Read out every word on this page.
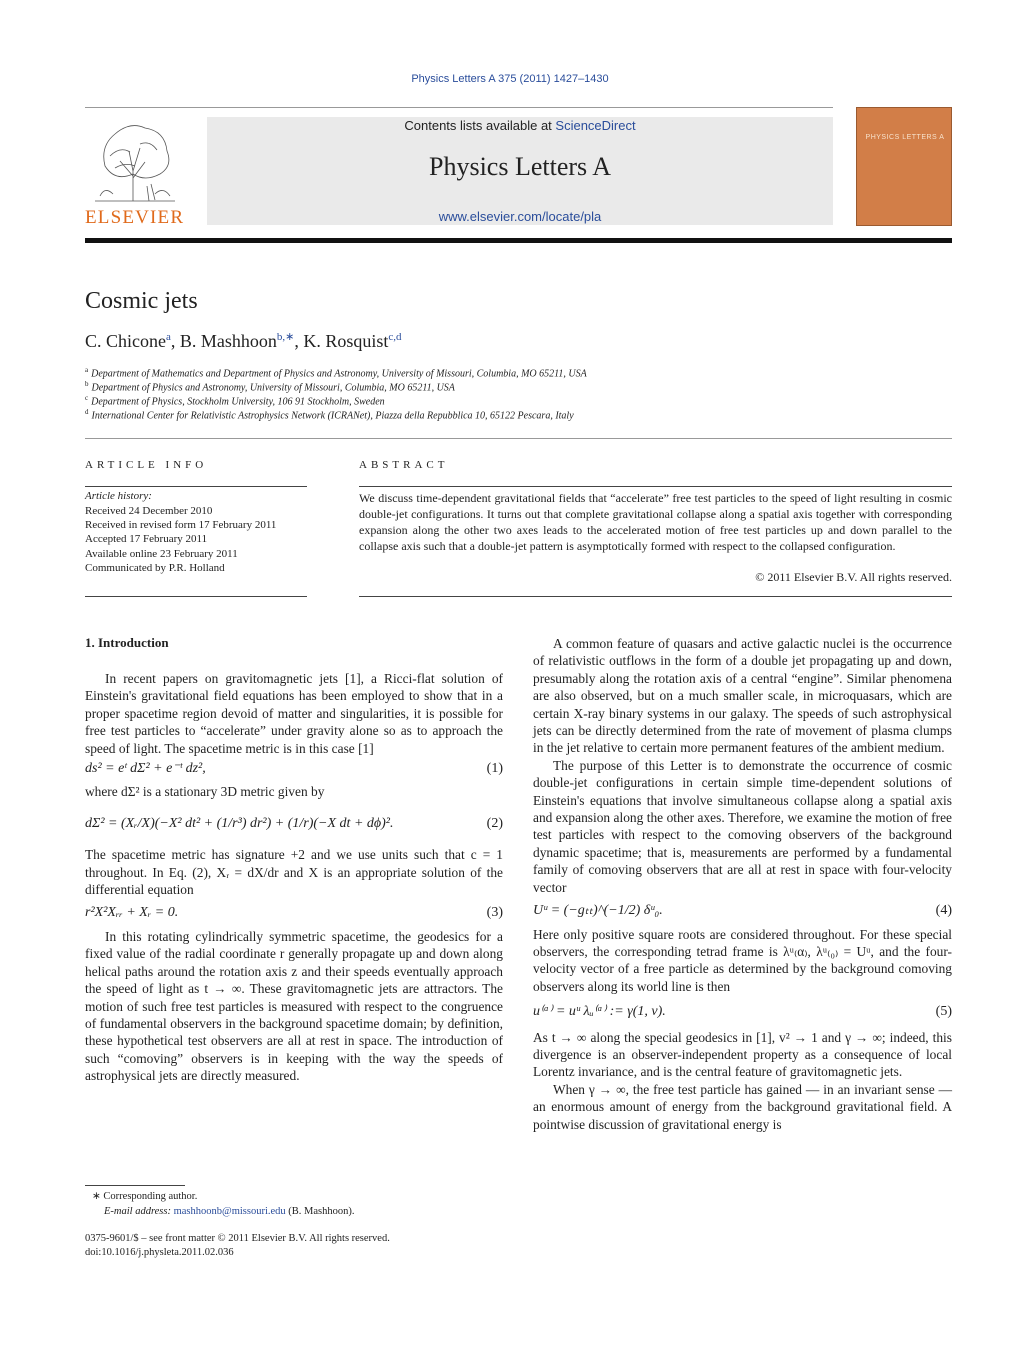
Physics Letters A 375 (2011) 1427–1430
Contents lists available at ScienceDirect
Physics Letters A
www.elsevier.com/locate/pla
ELSEVIER
PHYSICS LETTERS A
Cosmic jets
C. Chicone$^a$, B. Mashhoon$^{b,∗}$, K. Rosquist$^{c,d}$
$^a$ Department of Mathematics and Department of Physics and Astronomy, University of Missouri, Columbia, MO 65211, USA
$^b$ Department of Physics and Astronomy, University of Missouri, Columbia, MO 65211, USA
$^c$ Department of Physics, Stockholm University, 106 91 Stockholm, Sweden
$^d$ International Center for Relativistic Astrophysics Network (ICRANet), Piazza della Repubblica 10, 65122 Pescara, Italy
ARTICLE INFO
Article history:
Received 24 December 2010
Received in revised form 17 February 2011
Accepted 17 February 2011
Available online 23 February 2011
Communicated by P.R. Holland
ABSTRACT
We discuss time-dependent gravitational fields that “accelerate” free test particles to the speed of light resulting in cosmic double-jet configurations. It turns out that complete gravitational collapse along a spatial axis together with corresponding expansion along the other two axes leads to the accelerated motion of free test particles up and down parallel to the collapse axis such that a double-jet pattern is asymptotically formed with respect to the collapsed configuration.
© 2011 Elsevier B.V. All rights reserved.
1. Introduction

In recent papers on gravitomagnetic jets [1], a Ricci-flat solution of Einstein's gravitational field equations has been employed to show that in a proper spacetime region devoid of matter and singularities, it is possible for free test particles to “accelerate” under gravity alone so as to approach the speed of light. The spacetime metric is in this case [1]

ds² = eᵗ dΣ² + e⁻ᵗ dz²,	(1)

where dΣ² is a stationary 3D metric given by

dΣ² = (Xᵣ/X)(−X² dt² + (1/r³) dr²) + (1/r)(−X dt + dϕ)².	(2)

The spacetime metric has signature +2 and we use units such that c = 1 throughout. In Eq. (2), Xᵣ = dX/dr and X is an appropriate solution of the differential equation

r²X²Xᵣᵣ + Xᵣ = 0.	(3)

In this rotating cylindrically symmetric spacetime, the geodesics for a fixed value of the radial coordinate r generally propagate up and down along helical paths around the rotation axis z and their speeds eventually approach the speed of light as t → ∞. These gravitomagnetic jets are attractors. The motion of such free test particles is measured with respect to the congruence of fundamental observers in the background spacetime domain; by definition, these hypothetical test observers are all at rest in space. The introduction of such “comoving” observers is in keeping with the way the speeds of astrophysical jets are directly measured.

A common feature of quasars and active galactic nuclei is the occurrence of relativistic outflows in the form of a double jet propagating up and down, presumably along the rotation axis of a central “engine”. Similar phenomena are also observed, but on a much smaller scale, in microquasars, which are certain X-ray binary systems in our galaxy. The speeds of such astrophysical jets can be directly determined from the rate of movement of plasma clumps in the jet relative to certain more permanent features of the ambient medium.

The purpose of this Letter is to demonstrate the occurrence of cosmic double-jet configurations in certain simple time-dependent solutions of Einstein's equations that involve simultaneous collapse along a spatial axis and expansion along the other axes. Therefore, we examine the motion of free test particles with respect to the comoving observers of the background dynamic spacetime; that is, measurements are performed by a fundamental family of comoving observers that are all at rest in space with four-velocity vector

Uᵘ = (−gₜₜ)^(−1/2) δᵘ₀.	(4)

Here only positive square roots are considered throughout. For these special observers, the corresponding tetrad frame is λᵘ₍α₎, λᵘ₍₀₎ = Uᵘ, and the four-velocity vector of a free particle as determined by the background comoving observers along its world line is then

u⁽ᵅ⁾ = uᵘ λᵤ⁽ᵅ⁾ := γ(1, v).	(5)

As t → ∞ along the special geodesics in [1], v² → 1 and γ → ∞; indeed, this divergence is an observer-independent property as a consequence of local Lorentz invariance, and is the central feature of gravitomagnetic jets.

When γ → ∞, the free test particle has gained — in an invariant sense — an enormous amount of energy from the background gravitational field. A pointwise discussion of gravitational energy is

∗ Corresponding author.
E-mail address: mashhoonb@missouri.edu (B. Mashhoon).
0375-9601/$ – see front matter © 2011 Elsevier B.V. All rights reserved.
doi:10.1016/j.physleta.2011.02.036
